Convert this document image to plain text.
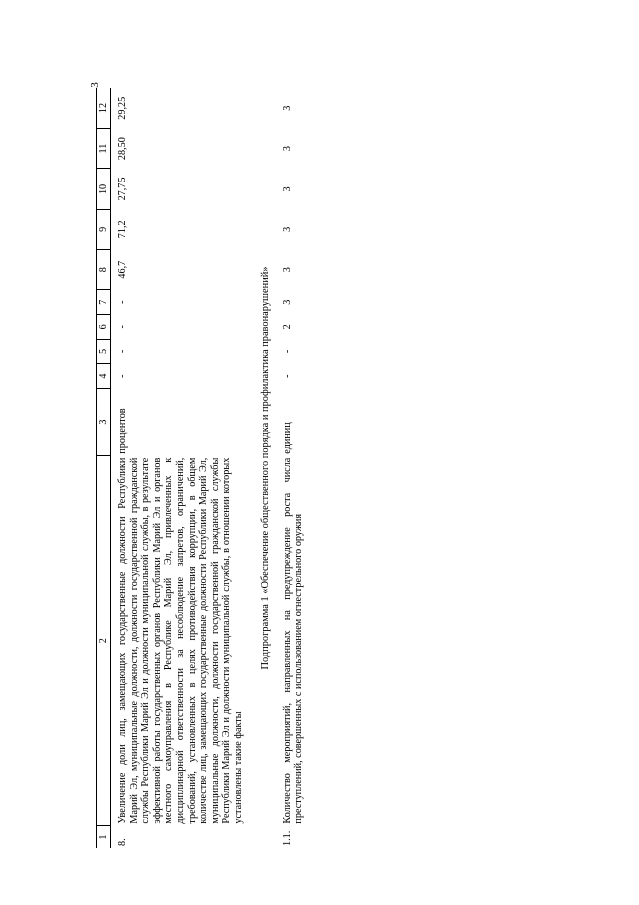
3
1	2	3	4	5	6	7	8	9	10	11	12
8.	Увеличение доли лиц, замещающих государственные должности Республики Марий Эл, муниципальные должности, должности государственной гражданской службы Республики Марий Эл и должности муниципальной службы, в результате эффективной работы государственных органов Республики Марий Эл и органов местного самоуправления в Республике Марий Эл, привлеченных к дисциплинарной ответственности за несоблюдение запретов, ограничений, требований, установленных в целях противодействия коррупции, в общем количестве лиц, замещающих государственные должности Республики Марий Эл, муниципальные должности, должности государственной гражданской службы Республики Марий Эл и должности муниципальной службы, в отношении которых установлены такие факты	процентов	-	-	-	-	46,7	71,2	27,75	28,50	29,25
Подпрограмма 1 «Обеспечение общественного порядка и профилактика правонарушений»											
1.1.	Количество мероприятий, направленных на предупреждение роста числа преступлений, совершенных с использованием огнестрельного оружия	единиц	-	-	2	3	3	3	3	3	3
